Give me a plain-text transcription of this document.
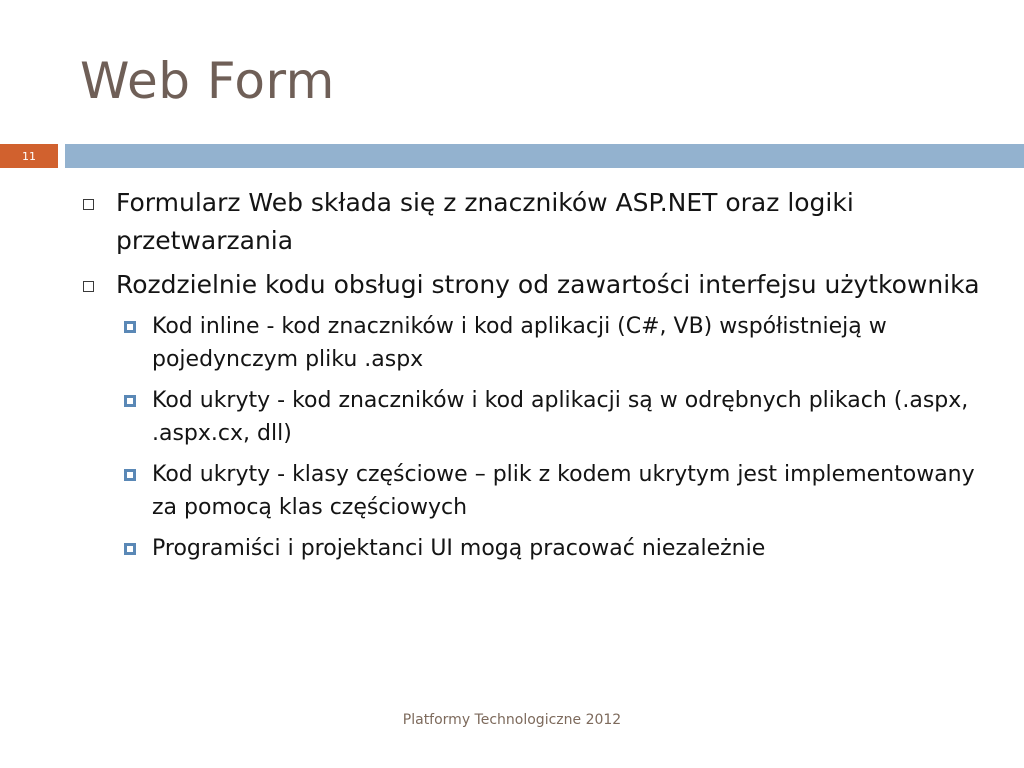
Web Form
11
Formularz Web składa się z znaczników ASP.NET oraz logiki przetwarzania
Rozdzielnie kodu obsługi strony od zawartości interfejsu użytkownika
Kod inline - kod znaczników i kod aplikacji (C#, VB) współistnieją w pojedynczym pliku .aspx
Kod ukryty - kod znaczników i kod aplikacji są w odrębnych plikach (.aspx, .aspx.cx, dll)
Kod ukryty - klasy częściowe – plik z kodem ukrytym jest implementowany za pomocą klas częściowych
Programiści i projektanci UI mogą pracować niezależnie
Platformy Technologiczne 2012
